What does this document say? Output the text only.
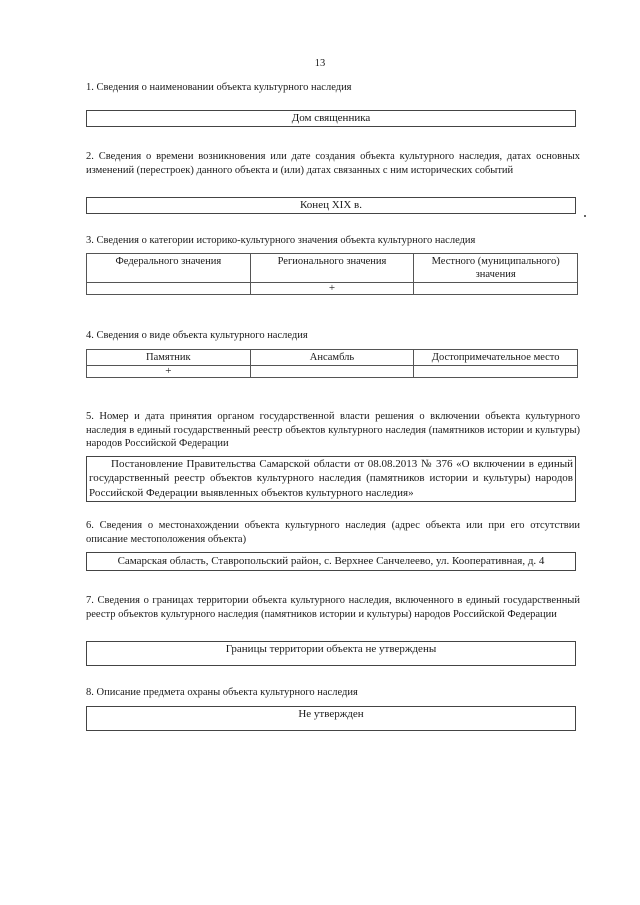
13
1. Сведения о наименовании объекта культурного наследия
Дом священника
2. Сведения о времени возникновения или дате создания объекта культурного наследия, датах основных изменений (перестроек) данного объекта и (или) датах связанных с ним исторических событий
Конец XIX в.
3. Сведения о категории историко-культурного значения объекта культурного наследия
Федерального значения	Регионального значения	Местного (муниципального) значения
	+	
4. Сведения о виде объекта культурного наследия
Памятник	Ансамбль	Достопримечательное место
+		
5. Номер и дата принятия органом государственной власти решения о включении объекта культурного наследия в единый государственный реестр объектов культурного наследия (памятников истории и культуры) народов Российской Федерации
Постановление Правительства Самарской области от 08.08.2013 № 376 «О включении в единый государственный реестр объектов культурного наследия (памятников истории и культуры) народов Российской Федерации выявленных объектов культурного наследия»
6. Сведения о местонахождении объекта культурного наследия (адрес объекта или при его отсутствии описание местоположения объекта)
Самарская область, Ставропольский район, с. Верхнее Санчелеево, ул. Кооперативная, д. 4
7. Сведения о границах территории объекта культурного наследия, включенного в единый государственный реестр объектов культурного наследия (памятников истории и культуры) народов Российской Федерации
Границы территории объекта не утверждены
8. Описание предмета охраны объекта культурного наследия
Не утвержден
